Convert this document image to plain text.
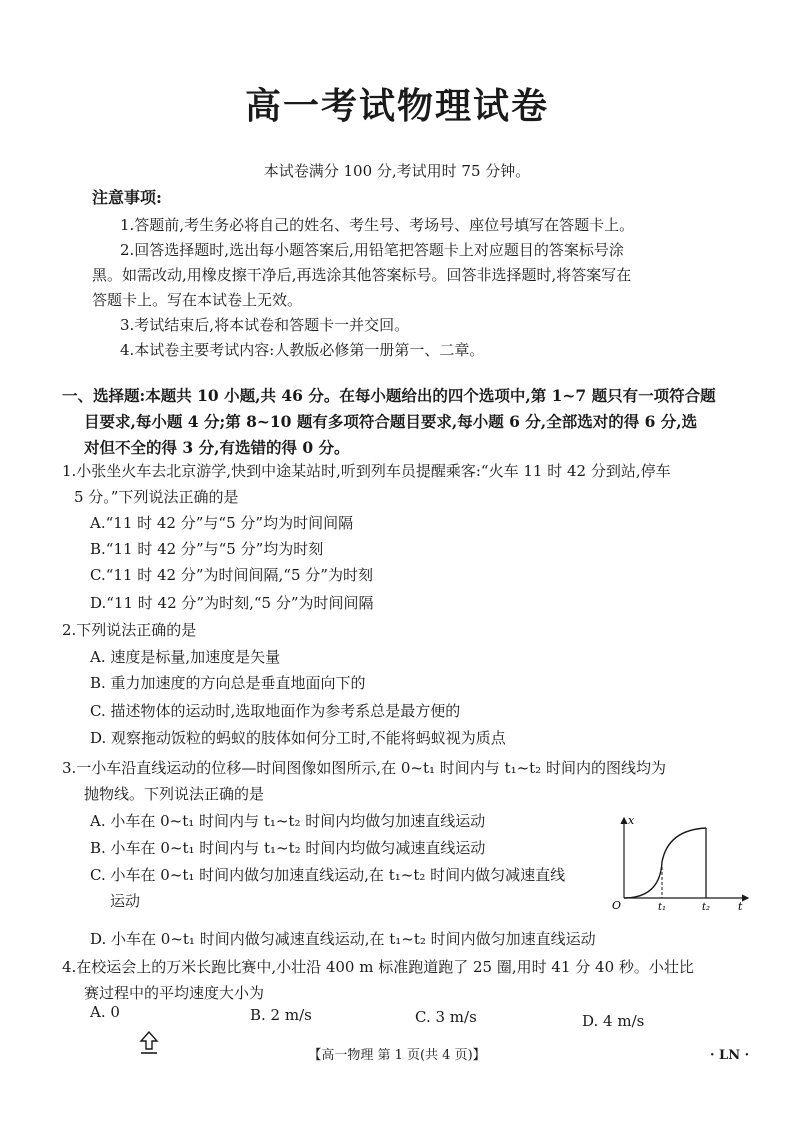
高一考试物理试卷
本试卷满分 100 分,考试用时 75 分钟。
注意事项:
1.答题前,考生务必将自己的姓名、考生号、考场号、座位号填写在答题卡上。
2.回答选择题时,选出每小题答案后,用铅笔把答题卡上对应题目的答案标号涂
黑。如需改动,用橡皮擦干净后,再选涂其他答案标号。回答非选择题时,将答案写在
答题卡上。写在本试卷上无效。
3.考试结束后,将本试卷和答题卡一并交回。
4.本试卷主要考试内容:人教版必修第一册第一、二章。
一、选择题:本题共 10 小题,共 46 分。在每小题给出的四个选项中,第 1~7 题只有一项符合题
目要求,每小题 4 分;第 8~10 题有多项符合题目要求,每小题 6 分,全部选对的得 6 分,选
对但不全的得 3 分,有选错的得 0 分。
1.小张坐火车去北京游学,快到中途某站时,听到列车员提醒乘客:“火车 11 时 42 分到站,停车
5 分。”下列说法正确的是
A.“11 时 42 分”与“5 分”均为时间间隔
B.“11 时 42 分”与“5 分”均为时刻
C.“11 时 42 分”为时间间隔,“5 分”为时刻
D.“11 时 42 分”为时刻,“5 分”为时间间隔
2.下列说法正确的是
A. 速度是标量,加速度是矢量
B. 重力加速度的方向总是垂直地面向下的
C. 描述物体的运动时,选取地面作为参考系总是最方便的
D. 观察拖动饭粒的蚂蚁的肢体如何分工时,不能将蚂蚁视为质点
3.一小车沿直线运动的位移—时间图像如图所示,在 0~t₁ 时间内与 t₁~t₂ 时间内的图线均为
抛物线。下列说法正确的是
A. 小车在 0~t₁ 时间内与 t₁~t₂ 时间内均做匀加速直线运动
B. 小车在 0~t₁ 时间内与 t₁~t₂ 时间内均做匀减速直线运动
C. 小车在 0~t₁ 时间内做匀加速直线运动,在 t₁~t₂ 时间内做匀减速直线
运动
D. 小车在 0~t₁ 时间内做匀减速直线运动,在 t₁~t₂ 时间内做匀加速直线运动
x
O	t₁	t₂	t
4.在校运会上的万米长跑比赛中,小壮沿 400 m 标准跑道跑了 25 圈,用时 41 分 40 秒。小壮比
赛过程中的平均速度大小为
A. 0	B. 2 m/s	C. 3 m/s	D. 4 m/s
【高一物理 第 1 页(共 4 页)】	· LN ·
